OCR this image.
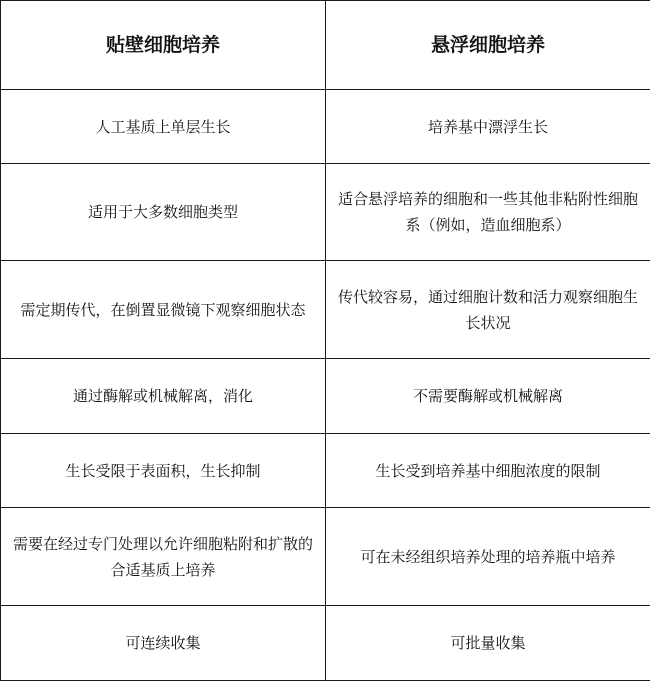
贴壁细胞培养	悬浮细胞培养
人工基质上单层生长	培养基中漂浮生长
适用于大多数细胞类型	适合悬浮培养的细胞和一些其他非粘附性细胞系（例如，造血细胞系）
需定期传代，在倒置显微镜下观察细胞状态	传代较容易，通过细胞计数和活力观察细胞生长状况
通过酶解或机械解离，消化	不需要酶解或机械解离
生长受限于表面积，生长抑制	生长受到培养基中细胞浓度的限制
需要在经过专门处理以允许细胞粘附和扩散的合适基质上培养	可在未经组织培养处理的培养瓶中培养
可连续收集	可批量收集
